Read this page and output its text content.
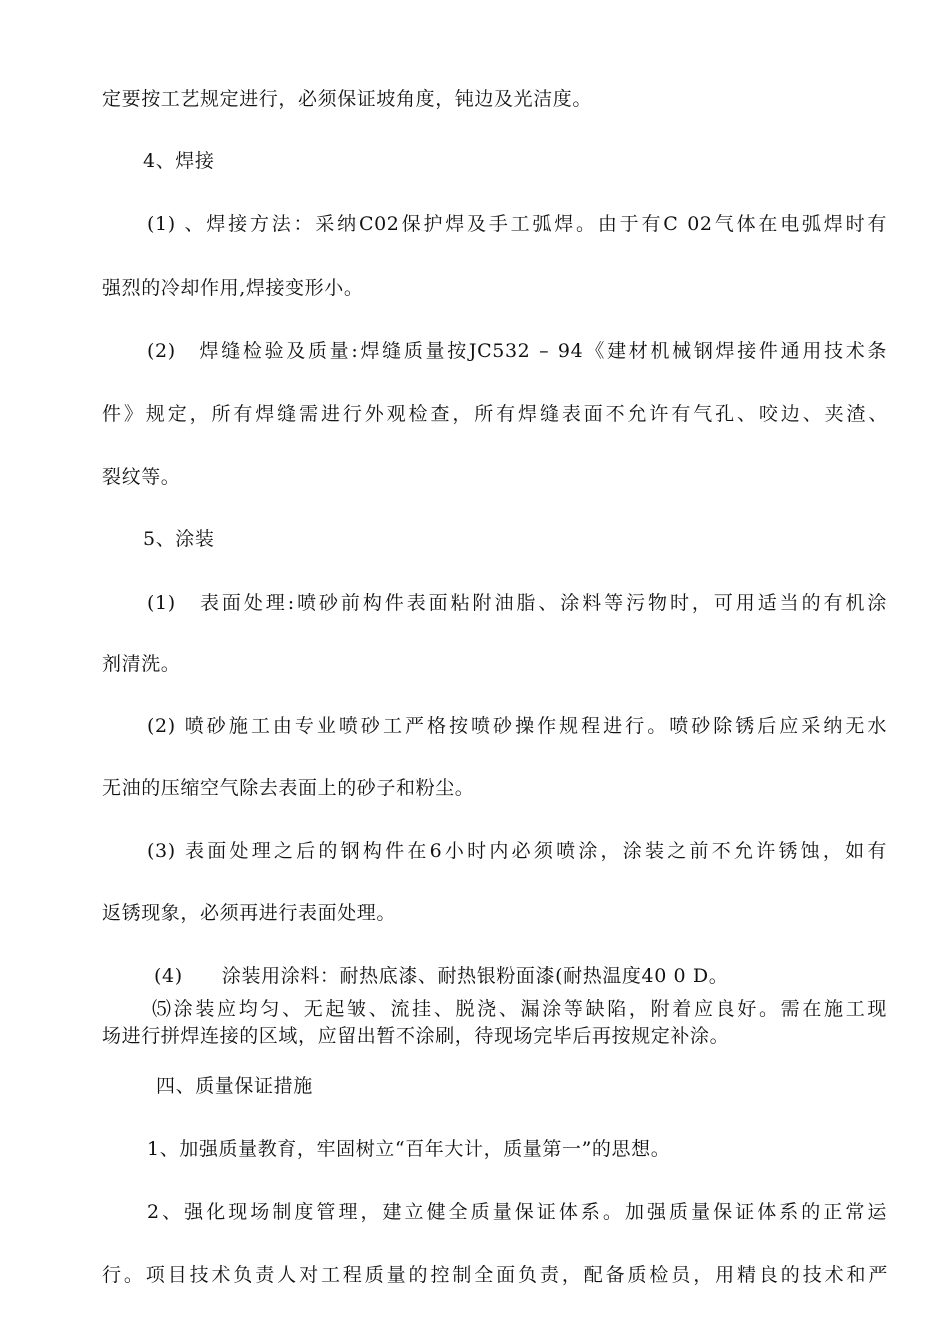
定要按工艺规定进行，必须保证坡角度，钝边及光洁度。
4、焊接
(1) 、焊接方法：采纳C02保护焊及手工弧焊。由于有C 02气体在电弧焊时有
强烈的冷却作用,焊接变形小。
(2)　焊缝检验及质量:焊缝质量按JC532 – 94《建材机械钢焊接件通用技术条
件》规定，所有焊缝需进行外观检查，所有焊缝表面不允许有气孔、咬边、夹渣、
裂纹等。
5、涂装
(1)　表面处理:喷砂前构件表面粘附油脂、涂料等污物时，可用适当的有机涂
剂清洗。
(2) 喷砂施工由专业喷砂工严格按喷砂操作规程进行。喷砂除锈后应采纳无水
无油的压缩空气除去表面上的砂子和粉尘。
(3) 表面处理之后的钢构件在6小时内必须喷涂，涂装之前不允许锈蚀，如有
返锈现象，必须再进行表面处理。
(4)　　涂装用涂料：耐热底漆、耐热银粉面漆(耐热温度40 0 D。
⑸涂装应均匀、无起皱、流挂、脱浇、漏涂等缺陷，附着应良好。需在施工现
场进行拼焊连接的区域，应留出暂不涂刷，待现场完毕后再按规定补涂。
四、质量保证措施
1、加强质量教育，牢固树立“百年大计，质量第一”的思想。
2、强化现场制度管理，建立健全质量保证体系。加强质量保证体系的正常运
行。项目技术负责人对工程质量的控制全面负责，配备质检员，用精良的技术和严
